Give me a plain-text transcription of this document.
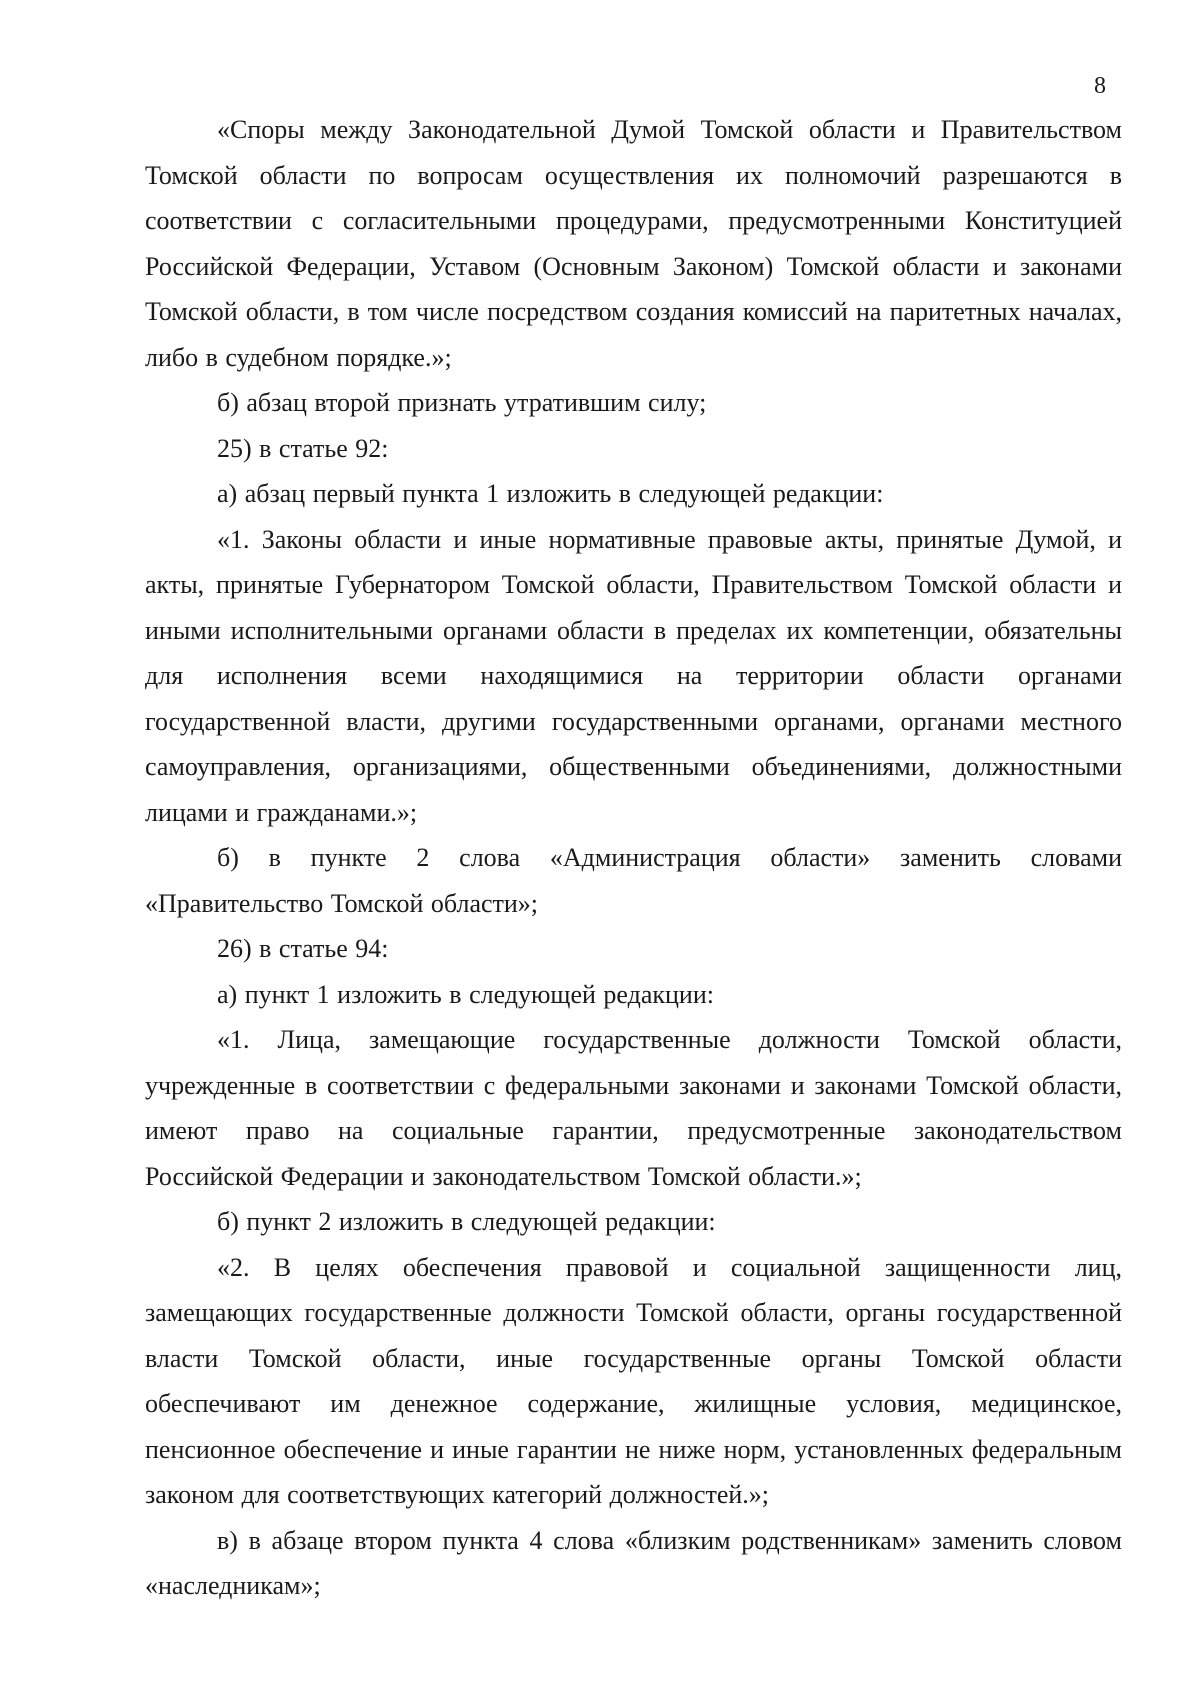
8

«Споры между Законодательной Думой Томской области и Правительством Томской области по вопросам осуществления их полномочий разрешаются в соответствии с согласительными процедурами, предусмотренными Конституцией Российской Федерации, Уставом (Основным Законом) Томской области и законами Томской области, в том числе посредством создания комиссий на паритетных началах, либо в судебном порядке.»;

б) абзац второй признать утратившим силу;

25) в статье 92:

а) абзац первый пункта 1 изложить в следующей редакции:

«1. Законы области и иные нормативные правовые акты, принятые Думой, и акты, принятые Губернатором Томской области, Правительством Томской области и иными исполнительными органами области в пределах их компетенции, обязательны для исполнения всеми находящимися на территории области органами государственной власти, другими государственными органами, органами местного самоуправления, организациями, общественными объединениями, должностными лицами и гражданами.»;

б) в пункте 2 слова «Администрация области» заменить словами «Правительство Томской области»;

26) в статье 94:

а) пункт 1 изложить в следующей редакции:

«1. Лица, замещающие государственные должности Томской области, учрежденные в соответствии с федеральными законами и законами Томской области, имеют право на социальные гарантии, предусмотренные законодательством Российской Федерации и законодательством Томской области.»;

б) пункт 2 изложить в следующей редакции:

«2. В целях обеспечения правовой и социальной защищенности лиц, замещающих государственные должности Томской области, органы государственной власти Томской области, иные государственные органы Томской области обеспечивают им денежное содержание, жилищные условия, медицинское, пенсионное обеспечение и иные гарантии не ниже норм, установленных федеральным законом для соответствующих категорий должностей.»;

в) в абзаце втором пункта 4 слова «близким родственникам» заменить словом «наследникам»;
